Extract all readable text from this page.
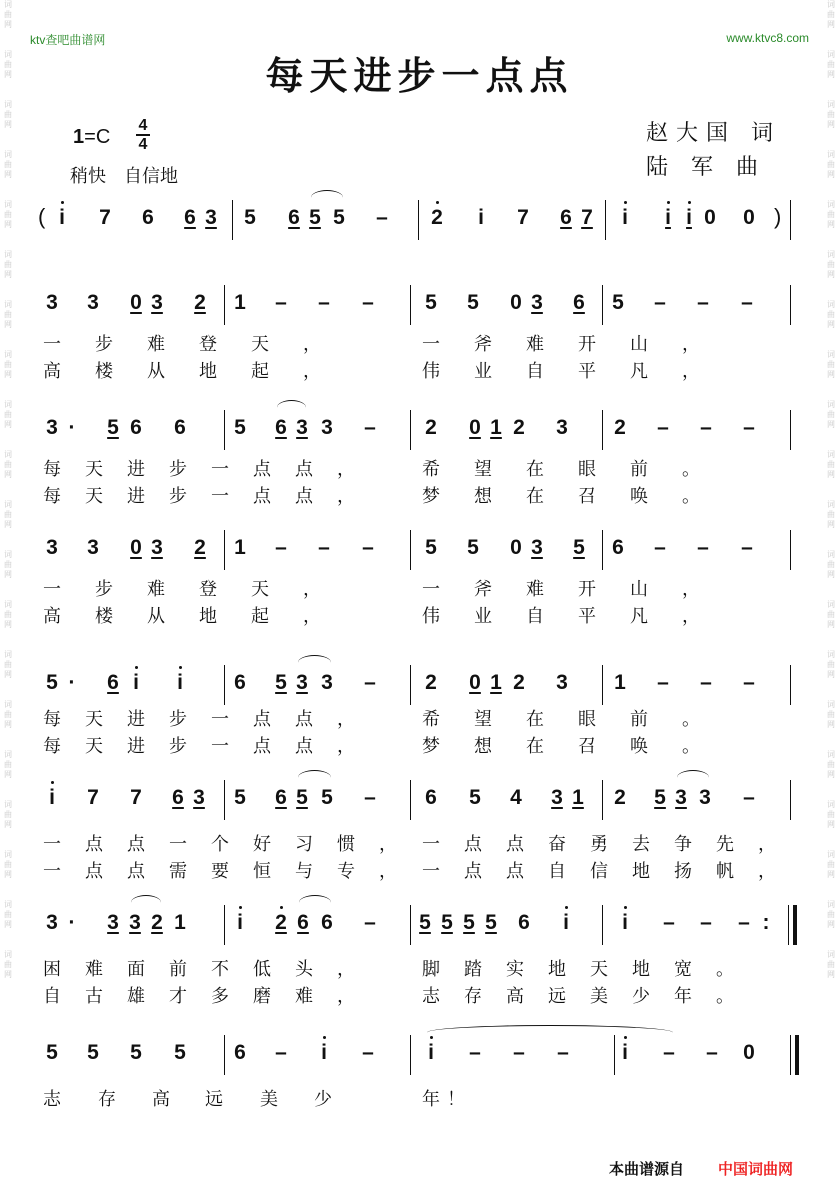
词
曲
网
词
曲
网
词
曲
网
词
曲
网
词
曲
网
词
曲
网
词
曲
网
词
曲
网
词
曲
网
词
曲
网
词
曲
网
词
曲
网
词
曲
网
词
曲
网
词
曲
网
词
曲
网
词
曲
网
词
曲
网
词
曲
网
词
曲
网
词
曲
网
词
曲
网
词
曲
网
词
曲
网
词
曲
网
词
曲
网
词
曲
网
词
曲
网
词
曲
网
词
曲
网
词
曲
网
词
曲
网
词
曲
网
词
曲
网
词
曲
网
词
曲
网
词
曲
网
词
曲
网
词
曲
网
词
曲
网
ktv查吧曲谱网	www.ktvc8.com
每天进步一点点
1=C
4
4
稍快　自信地
赵大国 词
陆 军 曲
i	7 6 6 3 5 6 5 5 – 2	i	7 6 7	i	i i 0 0
(	)
3 3 0 3 2 1 – – – 5 5 0 3 6 5 – – –
3 ·	5 6 6 5 6 3 3 – 2 0 1 2 3 2 – – –
3 3 0 3 2 1 – – – 5 5 0 3 5 6 – – –
5 ·	6 i	i	6 5 3 3 – 2 0 1 2 3 1 – – –
i	7 7 6 3 5 6 5 5 – 6 5 4 3 1 2 5 3 3 –
3 ·	3 3 2 1	i	2 6 6 – 5 5 5 5 6	i	i	– – – :
5 5 5 5 6 –	i	–	i	– – –	i	– – 0
一 步 难 登 天 ，	一 斧 难 开 山 ，
高 楼 从 地 起 ，	伟 业 自 平 凡 ，
每 天 进 步 一 点 点 ，	希 望 在 眼 前 。
每 天 进 步 一 点 点 ，	梦 想 在 召 唤 。
一 步 难 登 天 ，	一 斧 难 开 山 ，
高 楼 从 地 起 ，	伟 业 自 平 凡 ，
每 天 进 步 一 点 点 ，	希 望 在 眼 前 。
每 天 进 步 一 点 点 ，	梦 想 在 召 唤 。
一 点 点 一 个 好 习 惯 ， 一 点 点 奋 勇 去 争 先 ，
一 点 点 需 要 恒 与 专 ， 一 点 点 自 信 地 扬 帆 ，
困 难 面 前 不 低 头 ，	脚 踏 实 地 天 地 宽 。
自 古 雄 才 多 磨 难 ，	志 存 高 远 美 少 年 。
志 存 高 远 美 少	年 ！
本曲谱源自 中国词曲网
